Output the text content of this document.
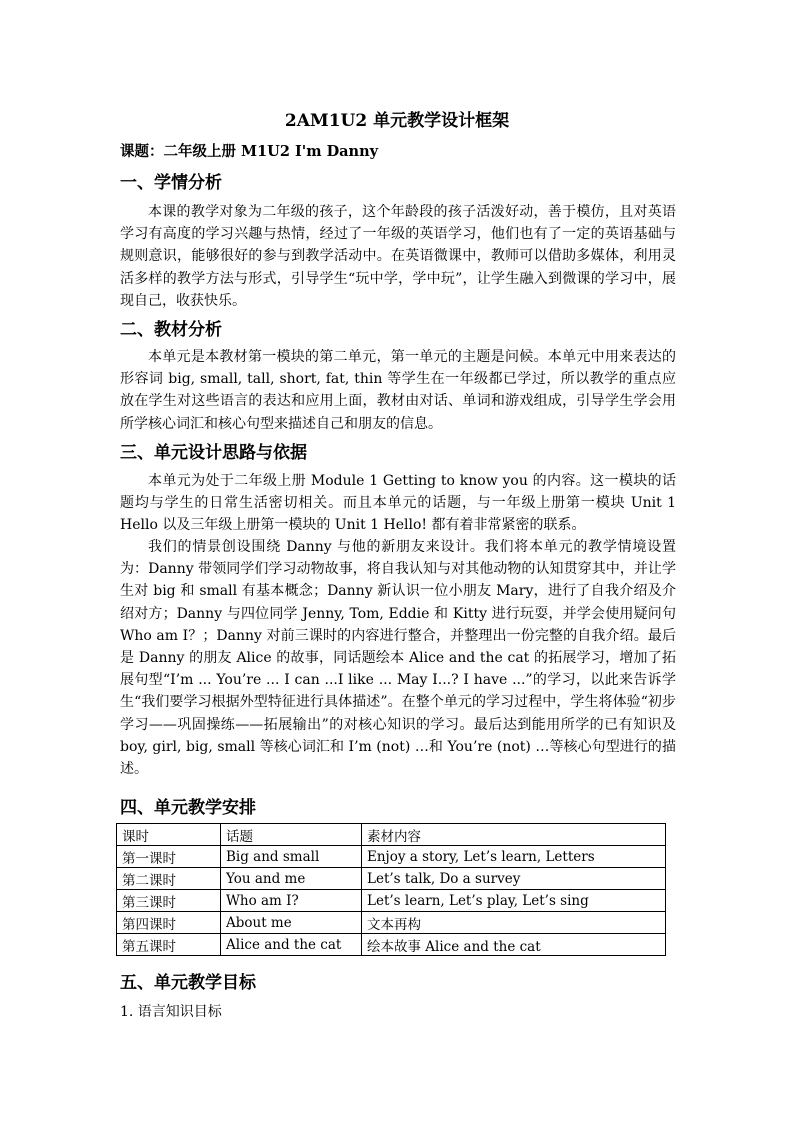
2AM1U2 单元教学设计框架
课题：二年级上册 M1U2 I'm Danny
一、学情分析
本课的教学对象为二年级的孩子，这个年龄段的孩子活泼好动，善于模仿，且对英语学习有高度的学习兴趣与热情，经过了一年级的英语学习，他们也有了一定的英语基础与规则意识，能够很好的参与到教学活动中。在英语微课中，教师可以借助多媒体，利用灵活多样的教学方法与形式，引导学生“玩中学，学中玩”，让学生融入到微课的学习中，展现自己，收获快乐。
二、教材分析
本单元是本教材第一模块的第二单元，第一单元的主题是问候。本单元中用来表达的形容词 big, small, tall, short, fat, thin 等学生在一年级都已学过，所以教学的重点应放在学生对这些语言的表达和应用上面，教材由对话、单词和游戏组成，引导学生学会用所学核心词汇和核心句型来描述自己和朋友的信息。
三、单元设计思路与依据
本单元为处于二年级上册 Module 1 Getting to know you 的内容。这一模块的话题均与学生的日常生活密切相关。而且本单元的话题，与一年级上册第一模块 Unit 1 Hello 以及三年级上册第一模块的 Unit 1 Hello! 都有着非常紧密的联系。
我们的情景创设围绕 Danny 与他的新朋友来设计。我们将本单元的教学情境设置为：Danny 带领同学们学习动物故事，将自我认知与对其他动物的认知贯穿其中，并让学生对 big 和 small 有基本概念；Danny 新认识一位小朋友 Mary，进行了自我介绍及介绍对方；Danny 与四位同学 Jenny, Tom, Eddie 和 Kitty 进行玩耍，并学会使用疑问句 Who am I？；Danny 对前三课时的内容进行整合，并整理出一份完整的自我介绍。最后是 Danny 的朋友 Alice 的故事，同话题绘本 Alice and the cat 的拓展学习，增加了拓展句型“I’m ... You’re ... I can ...I like ... May I...? I have ...”的学习，以此来告诉学生“我们要学习根据外型特征进行具体描述”。在整个单元的学习过程中，学生将体验“初步学习——巩固操练——拓展输出”的对核心知识的学习。最后达到能用所学的已有知识及 boy, girl, big, small 等核心词汇和 I’m (not) …和 You’re (not) …等核心句型进行的描述。
四、单元教学安排
课时	话题	素材内容
第一课时	Big and small	Enjoy a story, Let’s learn, Letters
第二课时	You and me	Let’s talk, Do a survey
第三课时	Who am I?	Let’s learn, Let’s play, Let’s sing
第四课时	About me	文本再构
第五课时	Alice and the cat	绘本故事 Alice and the cat
五、单元教学目标
1. 语言知识目标
